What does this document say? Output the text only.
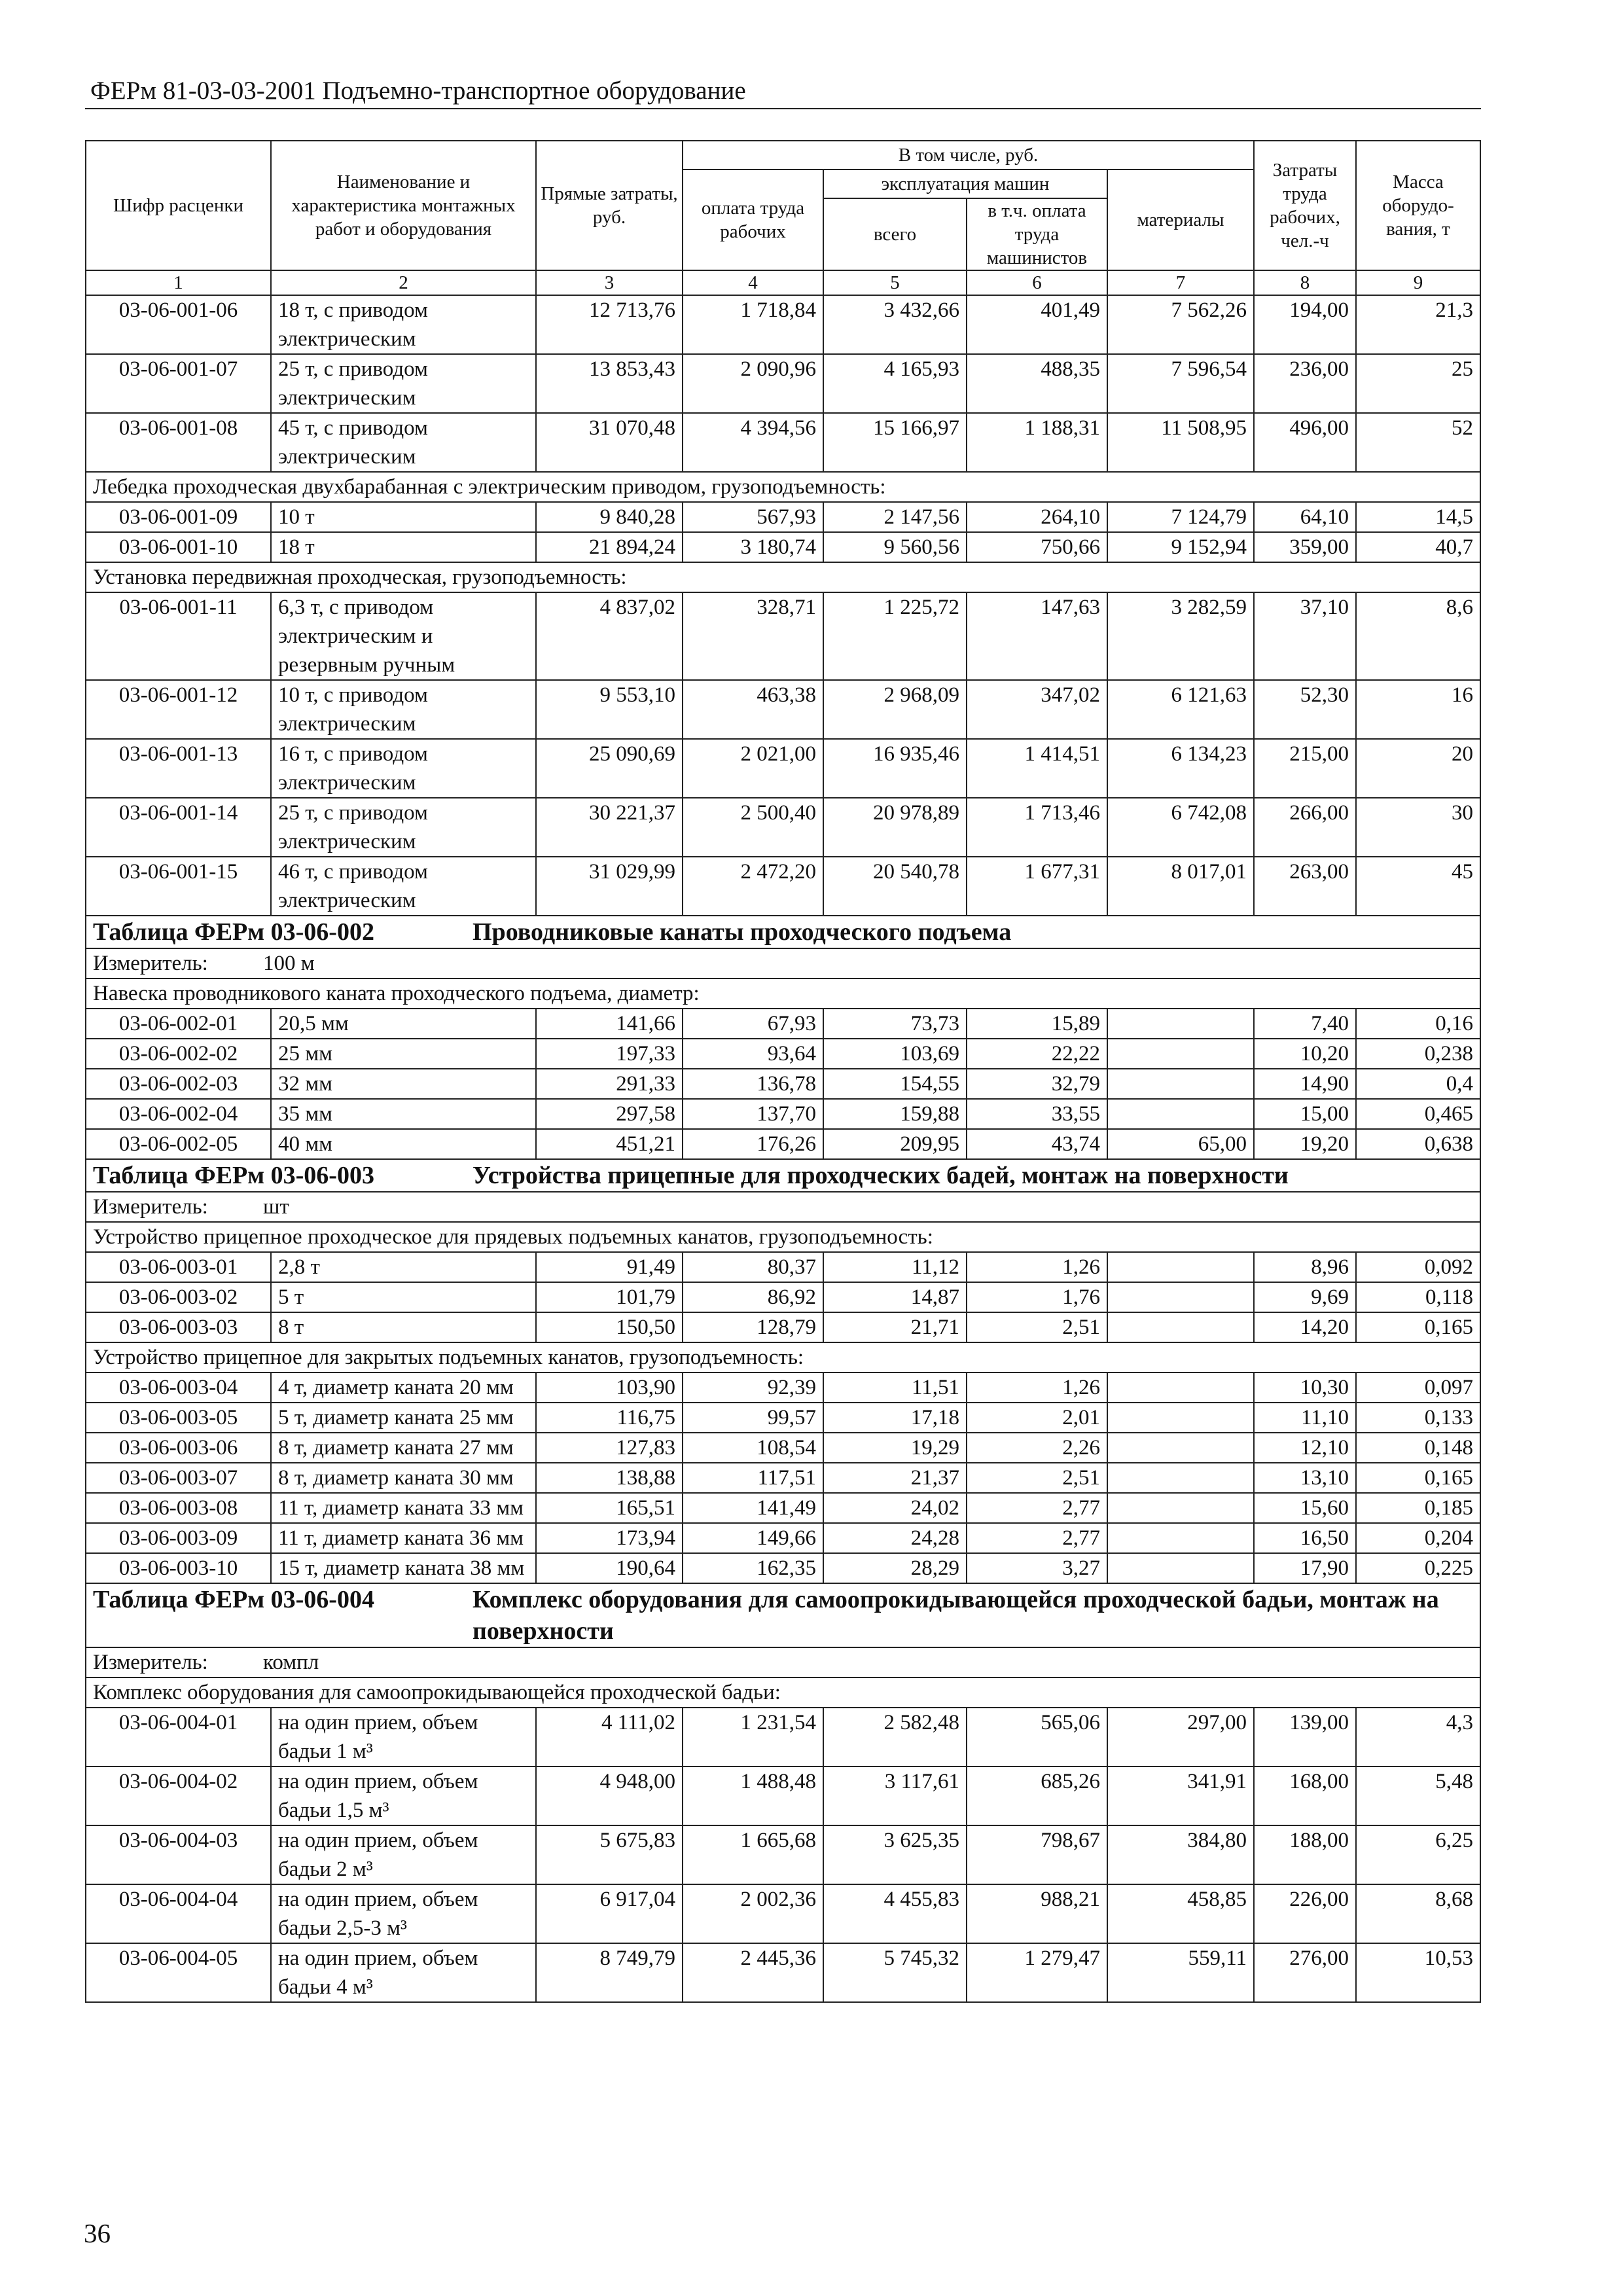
ФЕРм 81-03-03-2001 Подъемно-транспортное оборудование
Шифр расценки	Наименование и характеристика монтажных работ и оборудования	Прямые затраты, руб.	В том числе, руб.				Затраты труда рабочих, чел.-ч	Масса оборудо-вания, т
			оплата труда рабочих	эксплуатация машин		материалы		
				всего	в т.ч. оплата труда машинистов			
1	2	3	4	5	6	7	8	9
03-06-001-06	18 т, с приводом электрическим	12 713,76	1 718,84	3 432,66	401,49	7 562,26	194,00	21,3
03-06-001-07	25 т, с приводом электрическим	13 853,43	2 090,96	4 165,93	488,35	7 596,54	236,00	25
03-06-001-08	45 т, с приводом электрическим	31 070,48	4 394,56	15 166,97	1 188,31	11 508,95	496,00	52
Лебедка проходческая двухбарабанная с электрическим приводом, грузоподъемность:								
03-06-001-09	10 т	9 840,28	567,93	2 147,56	264,10	7 124,79	64,10	14,5
03-06-001-10	18 т	21 894,24	3 180,74	9 560,56	750,66	9 152,94	359,00	40,7
Установка передвижная проходческая, грузоподъемность:								
03-06-001-11	6,3 т, с приводом электрическим и резервным ручным	4 837,02	328,71	1 225,72	147,63	3 282,59	37,10	8,6
03-06-001-12	10 т, с приводом электрическим	9 553,10	463,38	2 968,09	347,02	6 121,63	52,30	16
03-06-001-13	16 т, с приводом электрическим	25 090,69	2 021,00	16 935,46	1 414,51	6 134,23	215,00	20
03-06-001-14	25 т, с приводом электрическим	30 221,37	2 500,40	20 978,89	1 713,46	6 742,08	266,00	30
03-06-001-15	46 т, с приводом электрическим	31 029,99	2 472,20	20 540,78	1 677,31	8 017,01	263,00	45
Таблица ФЕРм 03-06-002 Проводниковые канаты проходческого подъема								
Измеритель: 100 м								
Навеска проводникового каната проходческого подъема, диаметр:								
03-06-002-01	20,5 мм	141,66	67,93	73,73	15,89		7,40	0,16
03-06-002-02	25 мм	197,33	93,64	103,69	22,22		10,20	0,238
03-06-002-03	32 мм	291,33	136,78	154,55	32,79		14,90	0,4
03-06-002-04	35 мм	297,58	137,70	159,88	33,55		15,00	0,465
03-06-002-05	40 мм	451,21	176,26	209,95	43,74	65,00	19,20	0,638
Таблица ФЕРм 03-06-003 Устройства прицепные для проходческих бадей, монтаж на поверхности								
Измеритель: шт								
Устройство прицепное проходческое для прядевых подъемных канатов, грузоподъемность:								
03-06-003-01	2,8 т	91,49	80,37	11,12	1,26		8,96	0,092
03-06-003-02	5 т	101,79	86,92	14,87	1,76		9,69	0,118
03-06-003-03	8 т	150,50	128,79	21,71	2,51		14,20	0,165
Устройство прицепное для закрытых подъемных канатов, грузоподъемность:								
03-06-003-04	4 т, диаметр каната 20 мм	103,90	92,39	11,51	1,26		10,30	0,097
03-06-003-05	5 т, диаметр каната 25 мм	116,75	99,57	17,18	2,01		11,10	0,133
03-06-003-06	8 т, диаметр каната 27 мм	127,83	108,54	19,29	2,26		12,10	0,148
03-06-003-07	8 т, диаметр каната 30 мм	138,88	117,51	21,37	2,51		13,10	0,165
03-06-003-08	11 т, диаметр каната 33 мм	165,51	141,49	24,02	2,77		15,60	0,185
03-06-003-09	11 т, диаметр каната 36 мм	173,94	149,66	24,28	2,77		16,50	0,204
03-06-003-10	15 т, диаметр каната 38 мм	190,64	162,35	28,29	3,27		17,90	0,225
Таблица ФЕРм 03-06-004 Комплекс оборудования для самоопрокидывающейся проходческой бадьи, монтаж на поверхности								
Измеритель: компл								
Комплекс оборудования для самоопрокидывающейся проходческой бадьи:								
03-06-004-01	на один прием, объем бадьи 1 м³	4 111,02	1 231,54	2 582,48	565,06	297,00	139,00	4,3
03-06-004-02	на один прием, объем бадьи 1,5 м³	4 948,00	1 488,48	3 117,61	685,26	341,91	168,00	5,48
03-06-004-03	на один прием, объем бадьи 2 м³	5 675,83	1 665,68	3 625,35	798,67	384,80	188,00	6,25
03-06-004-04	на один прием, объем бадьи 2,5-3 м³	6 917,04	2 002,36	4 455,83	988,21	458,85	226,00	8,68
03-06-004-05	на один прием, объем бадьи 4 м³	8 749,79	2 445,36	5 745,32	1 279,47	559,11	276,00	10,53
36
